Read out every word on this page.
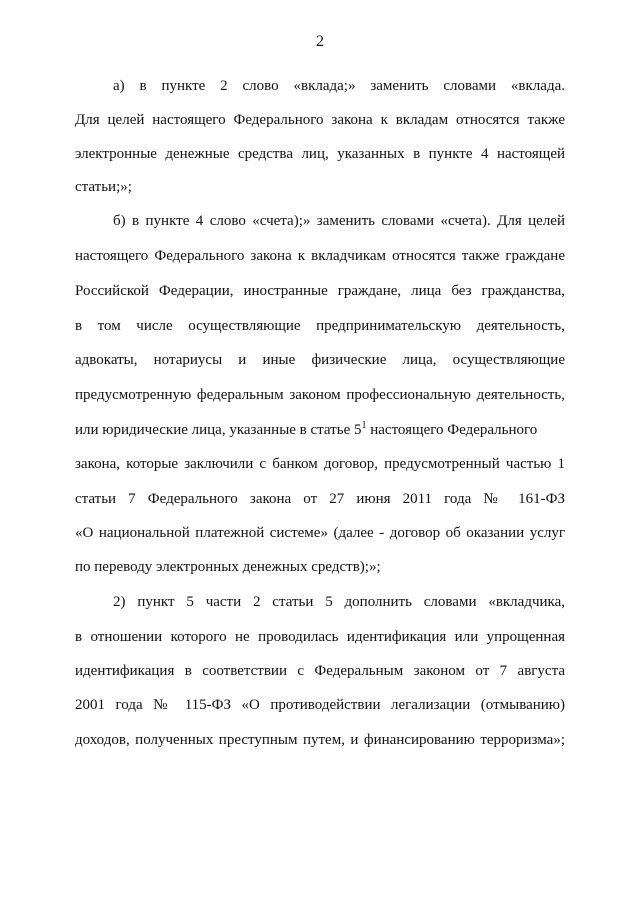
2
а) в пункте 2 слово «вклада;» заменить словами «вклада.
Для целей настоящего Федерального закона к вкладам относятся также
электронные денежные средства лиц, указанных в пункте 4 настоящей
статьи;»;
б) в пункте 4 слово «счета);» заменить словами «счета). Для целей
настоящего Федерального закона к вкладчикам относятся также граждане
Российской Федерации, иностранные граждане, лица без гражданства,
в том числе осуществляющие предпринимательскую деятельность,
адвокаты, нотариусы и иные физические лица, осуществляющие
предусмотренную федеральным законом профессиональную деятельность,
или юридические лица, указанные в статье $5^1$ настоящего Федерального
закона, которые заключили с банком договор, предусмотренный частью 1
статьи 7 Федерального закона от 27 июня 2011 года № 161-ФЗ
«О национальной платежной системе» (далее - договор об оказании услуг
по переводу электронных денежных средств);»;
2) пункт 5 части 2 статьи 5 дополнить словами «вкладчика,
в отношении которого не проводилась идентификация или упрощенная
идентификация в соответствии с Федеральным законом от 7 августа
2001 года № 115-ФЗ «О противодействии легализации (отмыванию)
доходов, полученных преступным путем, и финансированию терроризма»;
